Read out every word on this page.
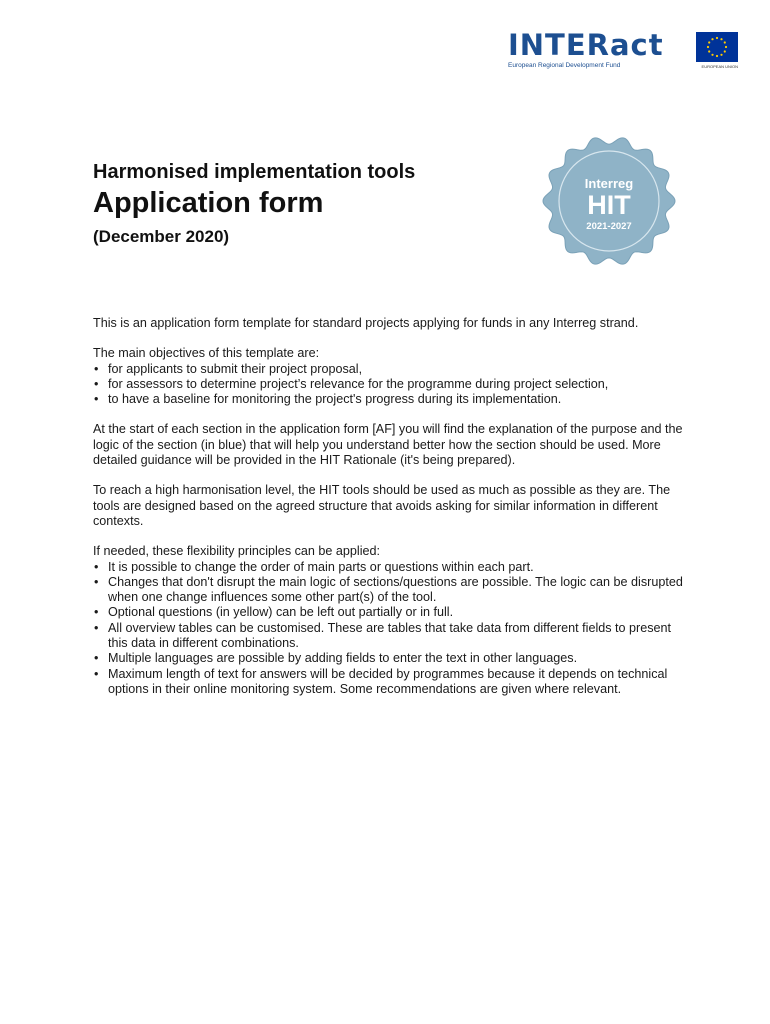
INTERact
European Regional Development Fund	EUROPEAN UNION
Harmonised implementation tools
Application form
(December 2020)
Interreg
HIT
2021-2027

This is an application form template for standard projects applying for funds in any Interreg strand.

The main objectives of this template are:

• for applicants to submit their project proposal,
• for assessors to determine project’s relevance for the programme during project selection,
• to have a baseline for monitoring the project's progress during its implementation.

At the start of each section in the application form [AF] you will find the explanation of the purpose and the logic of the section (in blue) that will help you understand better how the section should be used. More detailed guidance will be provided in the HIT Rationale (it's being prepared).

To reach a high harmonisation level, the HIT tools should be used as much as possible as they are. The tools are designed based on the agreed structure that avoids asking for similar information in different contexts.

If needed, these flexibility principles can be applied:

• It is possible to change the order of main parts or questions within each part.
• Changes that don't disrupt the main logic of sections/questions are possible. The logic can be disrupted when one change influences some other part(s) of the tool.
• Optional questions (in yellow) can be left out partially or in full.
• All overview tables can be customised. These are tables that take data from different fields to present this data in different combinations.
• Multiple languages are possible by adding fields to enter the text in other languages.
• Maximum length of text for answers will be decided by programmes because it depends on technical options in their online monitoring system. Some recommendations are given where relevant.
